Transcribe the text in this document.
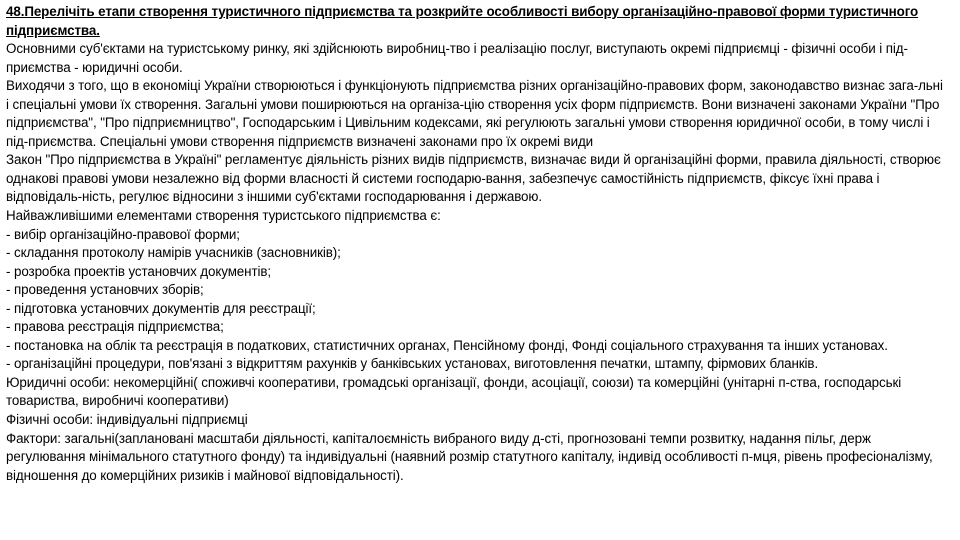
48.Перелічіть етапи створення туристичного підприємства та розкрийте особливості вибору організаційно-правової форми туристичного підприємства.

Основними суб'єктами на туристському ринку, які здійснюють виробниц-тво і реалізацію послуг, виступають окремі підприємці - фізичні особи і під-приємства - юридичні особи.

Виходячи з того, що в економіці України створюються і функціонують підприємства різних організаційно-правових форм, законодавство визнає зага-льні і спеціальні умови їх створення. Загальні умови поширюються на організа-цію створення усіх форм підприємств. Вони визначені законами України "Про підприємства", "Про підприємництво", Господарським і Цивільним кодексами, які регулюють загальні умови створення юридичної особи, в тому числі і під-приємства. Спеціальні умови створення підприємств визначені законами про їх окремі види

Закон "Про підприємства в Україні" регламентує діяльність різних видів підприємств, визначає види й організаційні форми, правила діяльності, створює однакові правові умови незалежно від форми власності й системи господарю-вання, забезпечує самостійність підприємств, фіксує їхні права і відповідаль-ність, регулює відносини з іншими суб'єктами господарювання і державою.

Найважливішими елементами створення туристського підприємства є:

- вибір організаційно-правової форми;
- складання протоколу намірів учасників (засновників);
- розробка проектів установчих документів;
- проведення установчих зборів;
- підготовка установчих документів для реєстрації;
- правова реєстрація підприємства;
- постановка на облік та реєстрація в податкових, статистичних органах, Пенсійному фонді, Фонді соціального страхування та інших установах.
- організаційні процедури, пов'язані з відкриттям рахунків у банківських установах, виготовлення печатки, штампу, фірмових бланків.

Юридичні особи: некомерційні( споживчі кооперативи, громадські організації, фонди, асоціації, союзи) та комерційні (унітарні п-ства, господарські товариства, виробничі кооперативи)

Фізичні особи: індивідуальні підприємці

Фактори: загальні(заплановані масштаби діяльності, капіталоємність вибраного виду д-сті, прогнозовані темпи розвитку, надання пільг, держ регулювання мінімального статутного фонду) та індивідуальні (наявний розмір статутного капіталу, індивід особливості п-мця, рівень професіоналізму, відношення до комерційних ризиків і майнової відповідальності).
